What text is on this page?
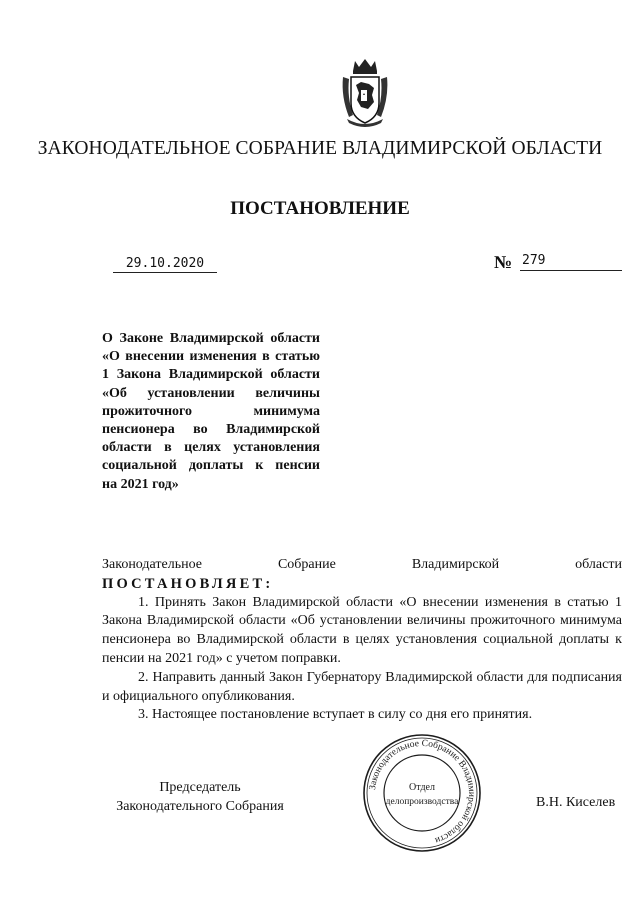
ЗАКОНОДАТЕЛЬНОЕ СОБРАНИЕ ВЛАДИМИРСКОЙ ОБЛАСТИ
ПОСТАНОВЛЕНИЕ
29.10.2020	№ 279
О Законе Владимирской области «О внесении изменения в статью 1 Закона Владимирской области «Об установлении величины прожиточного минимума пенсионера во Владимирской области в целях установления социальной доплаты к пенсии
на 2021 год»
Законодательное	Собрание	Владимирской	области
ПОСТАНОВЛЯЕТ:

1. Принять Закон Владимирской области «О внесении изменения в статью 1 Закона Владимирской области «Об установлении величины прожиточного минимума пенсионера во Владимирской области в целях установления социальной доплаты к пенсии на 2021 год» с учетом поправки.

2. Направить данный Закон Губернатору Владимирской области для подписания и официального опубликования.

3. Настоящее постановление вступает в силу со дня его принятия.

Председатель
Законодательного Собрания
Законодательное Собрание Владимирской области
Отдел
делопроизводства	В.Н. Киселев
